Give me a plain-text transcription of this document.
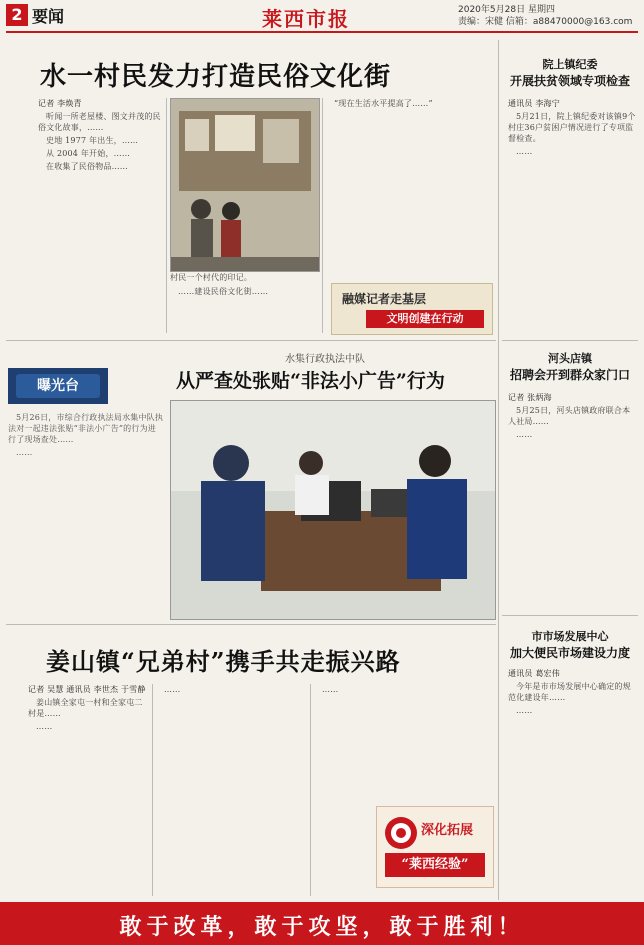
2 要闻	莱西市报	2020年5月28日 星期四
责编：宋健 信箱：a88470000@163.com
水一村民发力打造民俗文化街

记者 李焕青

听闻一所老屋楼、图文并茂的民俗文化故事，……

史地 1977 年出生，……

从 2004 年开始，……

在收集了民俗物品……

村民一个村代的印记。

……建设民俗文化街……

“现在生活水平提高了……”

融媒记者走基层
文明创建在行动
院上镇纪委
开展扶贫领域专项检查

通讯员 李海宁

5月21日，院上镇纪委对该镇9个村庄36户贫困户情况进行了专项监督检查。

……

河头店镇
招聘会开到群众家门口

记者 张炳海

5月25日，河头店镇政府联合本人社局……

……

水集行政执法中队
从严查处张贴“非法小广告”行为
曝光台

5月26日，市综合行政执法局水集中队执法对一起违法张贴“非法小广告”的行为进行了现场查处……

……

姜山镇“兄弟村”携手共走振兴路

记者 吴慧 通讯员 李世杰 于雪静

姜山镇全家屯一村和全家屯二村是……

……

……	……

深化拓展
“莱西经验”
市市场发展中心
加大便民市场建设力度

通讯员 葛宏伟

今年是市市场发展中心确定的规范化建设年……

……

敢于改革，敢于攻坚，敢于胜利！
